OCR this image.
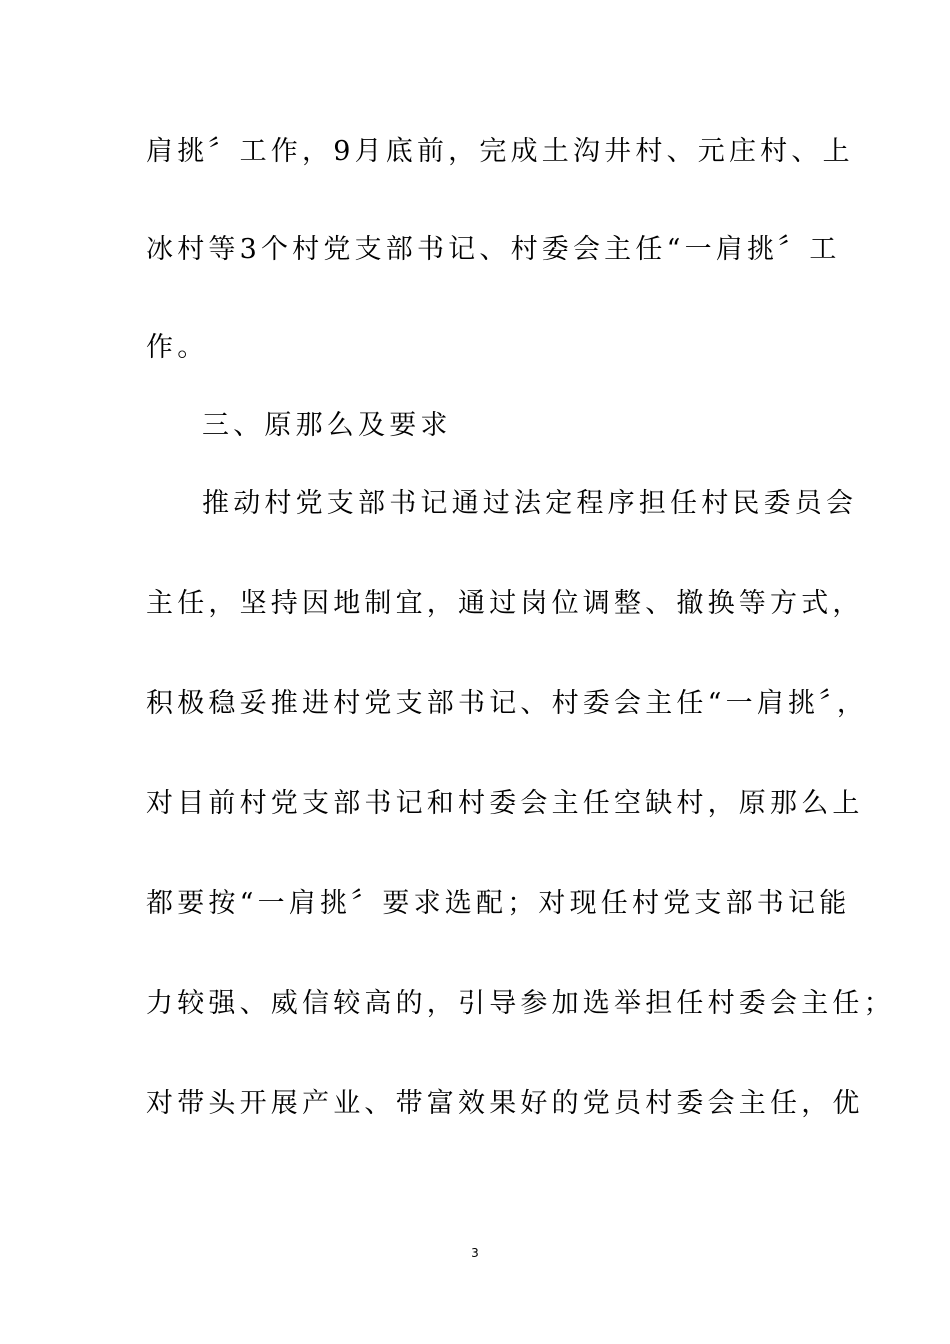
肩挑〞工作，9月底前，完成土沟井村、元庄村、上
冰村等3个村党支部书记、村委会主任“一肩挑〞工
作。
三、原那么及要求
推动村党支部书记通过法定程序担任村民委员会
主任，坚持因地制宜，通过岗位调整、撤换等方式，
积极稳妥推进村党支部书记、村委会主任“一肩挑〞，
对目前村党支部书记和村委会主任空缺村，原那么上
都要按“一肩挑〞要求选配；对现任村党支部书记能
力较强、威信较高的，引导参加选举担任村委会主任；
对带头开展产业、带富效果好的党员村委会主任，优
3
